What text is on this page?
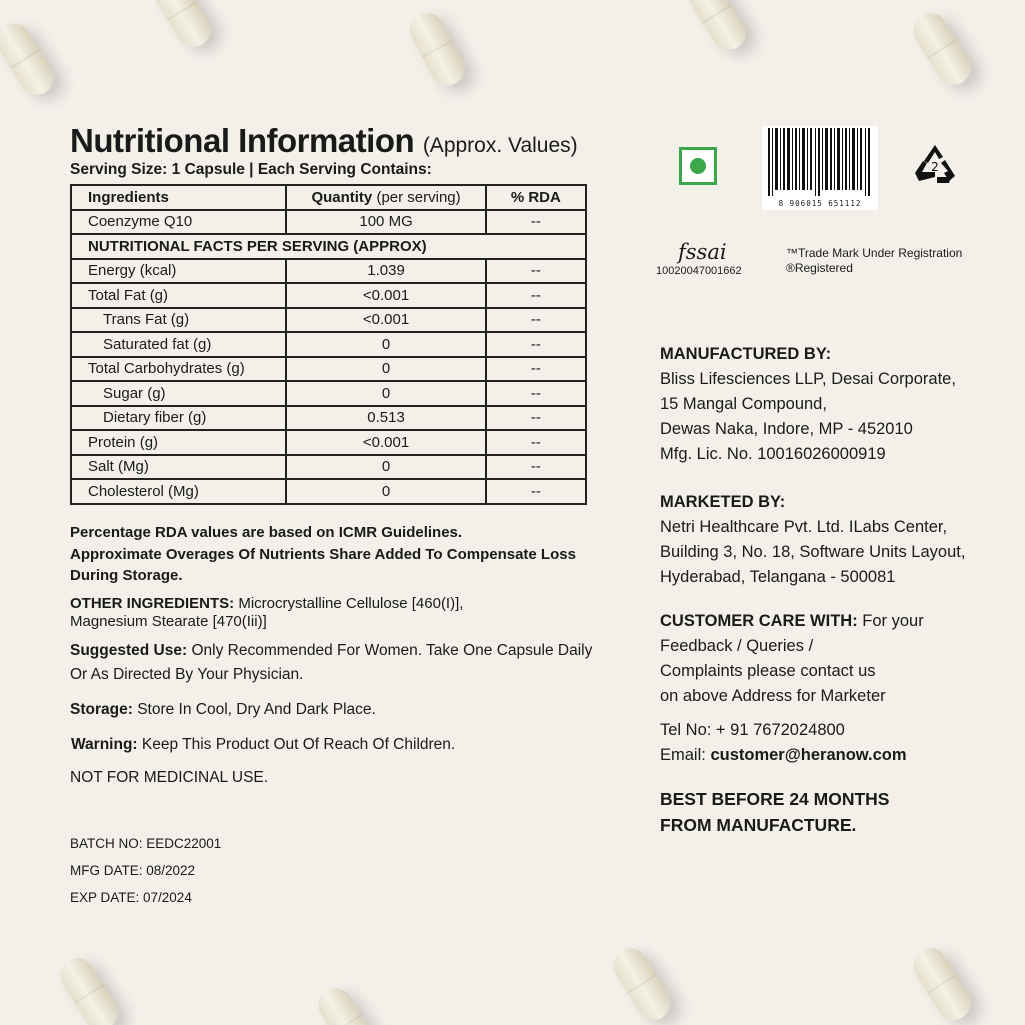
Nutritional Information (Approx. Values)
Serving Size: 1 Capsule | Each Serving Contains:
Ingredients	Quantity (per serving)	% RDA
Coenzyme Q10	100 MG	--
NUTRITIONAL FACTS PER SERVING (APPROX)		
Energy (kcal)	1.039	--
Total Fat (g)	<0.001	--
Trans Fat (g)	<0.001	--
Saturated fat (g)	0	--
Total Carbohydrates (g)	0	--
Sugar (g)	0	--
Dietary fiber (g)	0.513	--
Protein (g)	<0.001	--
Salt (Mg)	0	--
Cholesterol (Mg)	0	--
Percentage RDA values are based on ICMR Guidelines.
Approximate Overages Of Nutrients Share Added To Compensate Loss During Storage.
OTHER INGREDIENTS: Microcrystalline Cellulose [460(I)],
Magnesium Stearate [470(Iii)]
Suggested Use: Only Recommended For Women. Take One Capsule Daily Or As Directed By Your Physician.
Storage: Store In Cool, Dry And Dark Place.
Warning: Keep This Product Out Of Reach Of Children.
NOT FOR MEDICINAL USE.
BATCH NO: EEDC22001
MFG DATE: 08/2022
EXP DATE: 07/2024
8 906015 651112
2
fssai
10020047001662
™Trade Mark Under Registration
®Registered
MANUFACTURED BY:
Bliss Lifesciences LLP, Desai Corporate,
15 Mangal Compound,
Dewas Naka, Indore, MP - 452010
Mfg. Lic. No. 10016026000919
MARKETED BY:
Netri Healthcare Pvt. Ltd. ILabs Center,
Building 3, No. 18, Software Units Layout,
Hyderabad, Telangana - 500081
CUSTOMER CARE WITH: For your
Feedback / Queries /
Complaints please contact us
on above Address for Marketer
Tel No: + 91 7672024800
Email: customer@heranow.com
BEST BEFORE 24 MONTHS
FROM MANUFACTURE.
